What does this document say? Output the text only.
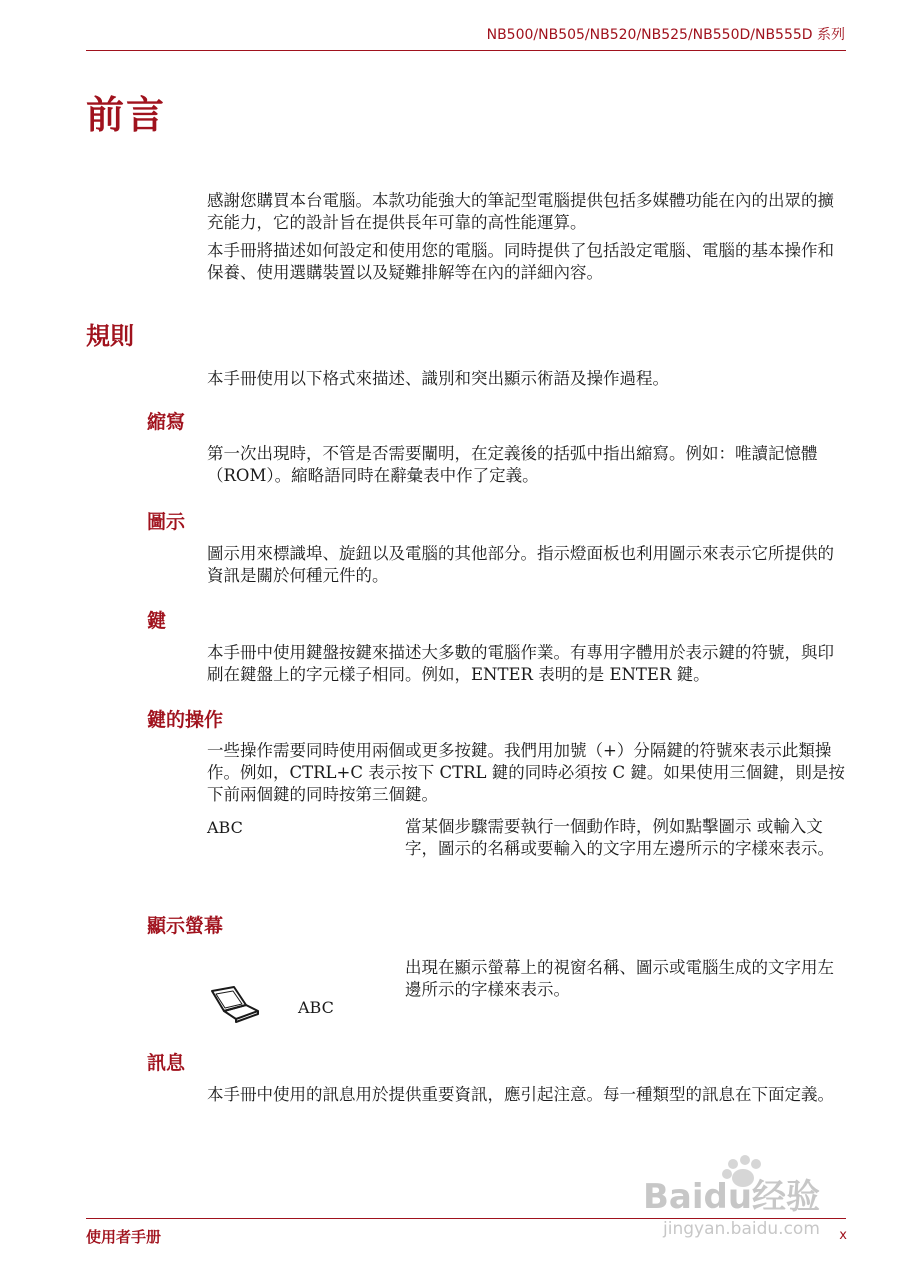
NB500/NB505/NB520/NB525/NB550D/NB555D 系列
前言
感謝您購買本台電腦。本款功能強大的筆記型電腦提供包括多媒體功能在內的出眾的擴充能力，它的設計旨在提供長年可靠的高性能運算。
本手冊將描述如何設定和使用您的電腦。同時提供了包括設定電腦、電腦的基本操作和保養、使用選購裝置以及疑難排解等在內的詳細內容。
規則
本手冊使用以下格式來描述、識別和突出顯示術語及操作過程。
縮寫
第一次出現時，不管是否需要闡明，在定義後的括弧中指出縮寫。例如：唯讀記憶體（ROM）。縮略語同時在辭彙表中作了定義。
圖示
圖示用來標識埠、旋鈕以及電腦的其他部分。指示燈面板也利用圖示來表示它所提供的資訊是關於何種元件的。
鍵
本手冊中使用鍵盤按鍵來描述大多數的電腦作業。有專用字體用於表示鍵的符號，與印刷在鍵盤上的字元樣子相同。例如，ENTER 表明的是 ENTER 鍵。
鍵的操作
一些操作需要同時使用兩個或更多按鍵。我們用加號（+）分隔鍵的符號來表示此類操作。例如，CTRL+C 表示按下 CTRL 鍵的同時必須按 C 鍵。如果使用三個鍵，則是按下前兩個鍵的同時按第三個鍵。
ABC	當某個步驟需要執行一個動作時，例如點擊圖示 或輸入文字，圖示的名稱或要輸入的文字用左邊所示的字樣來表示。
顯示螢幕
出現在顯示螢幕上的視窗名稱、圖示或電腦生成的文字用左邊所示的字樣來表示。
ABC
訊息
本手冊中使用的訊息用於提供重要資訊，應引起注意。每一種類型的訊息在下面定義。
Baidu经验
jingyan.baidu.com
使用者手册	x
